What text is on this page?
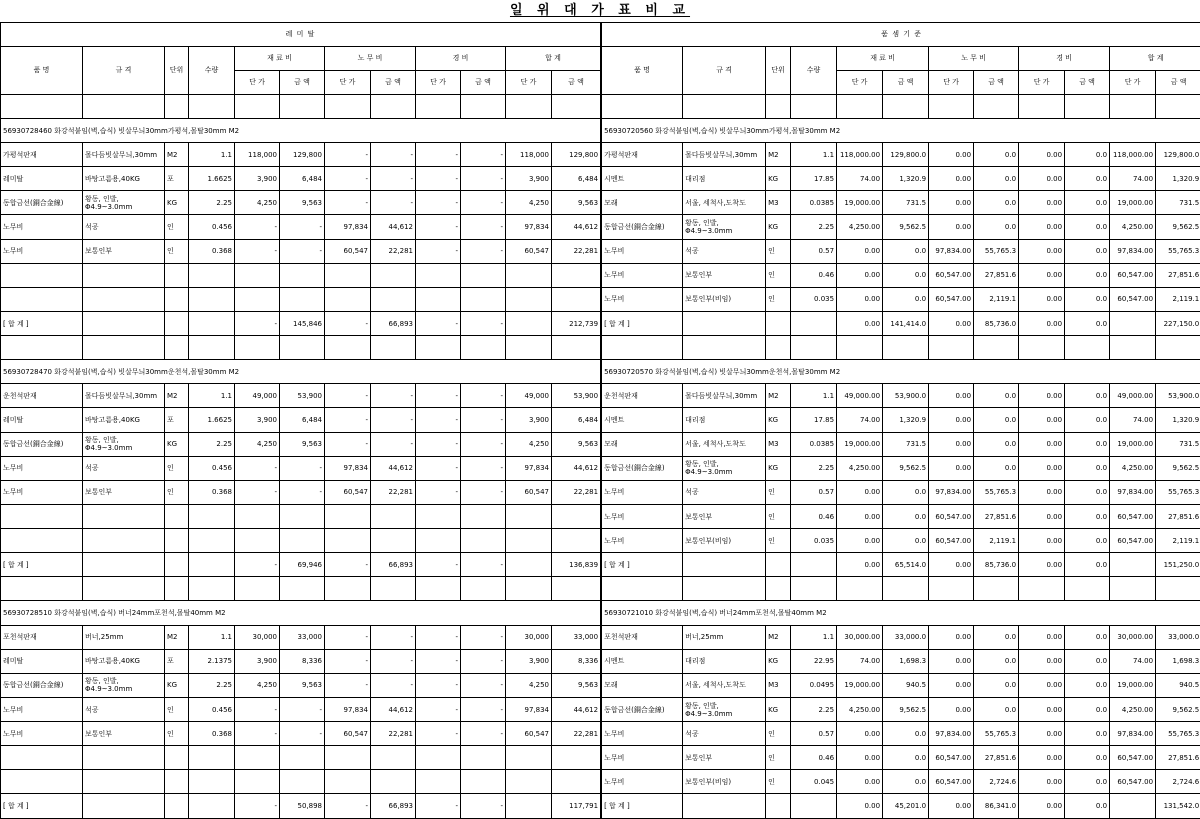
일 위 대 가 표 비 교
레 미 탈											
품 명	규 격	단위	수량	재 료 비		노 무 비		경 비		합 계	
				단 가	금 액	단 가	금 액	단 가	금 액	단 가	금 액

56930728460 화강석붙임(벽,습식) 빗살무늬30mm가평석,몰탈30mm M2											
가평석판재	몰다듬빗살무늬,30mm	M2	1.1	118,000	129,800	-	-	-	-	118,000	129,800
레미탈	바탕고름용,40KG	포	1.6625	3,900	6,484	-	-	-	-	3,900	6,484
동합금선(銅合金線)	황동, 인발, Φ4.9~3.0mm	KG	2.25	4,250	9,563	-	-	-	-	4,250	9,563
노무비	석공	인	0.456	-	-	97,834	44,612	-	-	97,834	44,612
노무비	보통인부	인	0.368	-	-	60,547	22,281	-	-	60,547	22,281

[ 합 계 ]				-	145,846	-	66,893	-	-		212,739

56930728470 화강석붙임(벽,습식) 빗살무늬30mm운천석,몰탈30mm M2											
운천석판재	몰다듬빗살무늬,30mm	M2	1.1	49,000	53,900	-	-	-	-	49,000	53,900
레미탈	바탕고름용,40KG	포	1.6625	3,900	6,484	-	-	-	-	3,900	6,484
동합금선(銅合金線)	황동, 인발, Φ4.9~3.0mm	KG	2.25	4,250	9,563	-	-	-	-	4,250	9,563
노무비	석공	인	0.456	-	-	97,834	44,612	-	-	97,834	44,612
노무비	보통인부	인	0.368	-	-	60,547	22,281	-	-	60,547	22,281

[ 합 계 ]				-	69,946	-	66,893	-	-		136,839

56930728510 화강석붙임(벽,습식) 버너24mm포천석,몰탈40mm M2											
포천석판재	버너,25mm	M2	1.1	30,000	33,000	-	-	-	-	30,000	33,000
레미탈	바탕고름용,40KG	포	2.1375	3,900	8,336	-	-	-	-	3,900	8,336
동합금선(銅合金線)	황동, 인발, Φ4.9~3.0mm	KG	2.25	4,250	9,563	-	-	-	-	4,250	9,563
노무비	석공	인	0.456	-	-	97,834	44,612	-	-	97,834	44,612
노무비	보통인부	인	0.368	-	-	60,547	22,281	-	-	60,547	22,281

[ 합 계 ]				-	50,898	-	66,893	-	-		117,791
품 셈 기 준											
품 명	규 격	단위	수량	재 료 비		노 무 비		경 비		합 계	
				단 가	금 액	단 가	금 액	단 가	금 액	단 가	금 액

56930720560 화강석붙임(벽,습식) 빗살무늬30mm가평석,몰탈30mm M2											
가평석판재	몰다듬빗살무늬,30mm	M2	1.1	118,000.00	129,800.0	0.00	0.0	0.00	0.0	118,000.00	129,800.0
시멘트	대리점	KG	17.85	74.00	1,320.9	0.00	0.0	0.00	0.0	74.00	1,320.9
모래	서울, 세척사,도착도	M3	0.0385	19,000.00	731.5	0.00	0.0	0.00	0.0	19,000.00	731.5
동합금선(銅合金線)	황동, 인발, Φ4.9~3.0mm	KG	2.25	4,250.00	9,562.5	0.00	0.0	0.00	0.0	4,250.00	9,562.5
노무비	석공	인	0.57	0.00	0.0	97,834.00	55,765.3	0.00	0.0	97,834.00	55,765.3
노무비	보통인부	인	0.46	0.00	0.0	60,547.00	27,851.6	0.00	0.0	60,547.00	27,851.6
노무비	보통인부(비임)	인	0.035	0.00	0.0	60,547.00	2,119.1	0.00	0.0	60,547.00	2,119.1
[ 합 계 ]				0.00	141,414.0	0.00	85,736.0	0.00	0.0		227,150.0

56930720570 화강석붙임(벽,습식) 빗살무늬30mm운천석,몰탈30mm M2											
운천석판재	몰다듬빗살무늬,30mm	M2	1.1	49,000.00	53,900.0	0.00	0.0	0.00	0.0	49,000.00	53,900.0
시멘트	대리점	KG	17.85	74.00	1,320.9	0.00	0.0	0.00	0.0	74.00	1,320.9
모래	서울, 세척사,도착도	M3	0.0385	19,000.00	731.5	0.00	0.0	0.00	0.0	19,000.00	731.5
동합금선(銅合金線)	황동, 인발, Φ4.9~3.0mm	KG	2.25	4,250.00	9,562.5	0.00	0.0	0.00	0.0	4,250.00	9,562.5
노무비	석공	인	0.57	0.00	0.0	97,834.00	55,765.3	0.00	0.0	97,834.00	55,765.3
노무비	보통인부	인	0.46	0.00	0.0	60,547.00	27,851.6	0.00	0.0	60,547.00	27,851.6
노무비	보통인부(비임)	인	0.035	0.00	0.0	60,547.00	2,119.1	0.00	0.0	60,547.00	2,119.1
[ 합 계 ]				0.00	65,514.0	0.00	85,736.0	0.00	0.0		151,250.0

56930721010 화강석붙임(벽,습식) 버너24mm포천석,몰탈40mm M2											
포천석판재	버너,25mm	M2	1.1	30,000.00	33,000.0	0.00	0.0	0.00	0.0	30,000.00	33,000.0
시멘트	대리점	KG	22.95	74.00	1,698.3	0.00	0.0	0.00	0.0	74.00	1,698.3
모래	서울, 세척사,도착도	M3	0.0495	19,000.00	940.5	0.00	0.0	0.00	0.0	19,000.00	940.5
동합금선(銅合金線)	황동, 인발, Φ4.9~3.0mm	KG	2.25	4,250.00	9,562.5	0.00	0.0	0.00	0.0	4,250.00	9,562.5
노무비	석공	인	0.57	0.00	0.0	97,834.00	55,765.3	0.00	0.0	97,834.00	55,765.3
노무비	보통인부	인	0.46	0.00	0.0	60,547.00	27,851.6	0.00	0.0	60,547.00	27,851.6
노무비	보통인부(비임)	인	0.045	0.00	0.0	60,547.00	2,724.6	0.00	0.0	60,547.00	2,724.6
[ 합 계 ]				0.00	45,201.0	0.00	86,341.0	0.00	0.0		131,542.0
